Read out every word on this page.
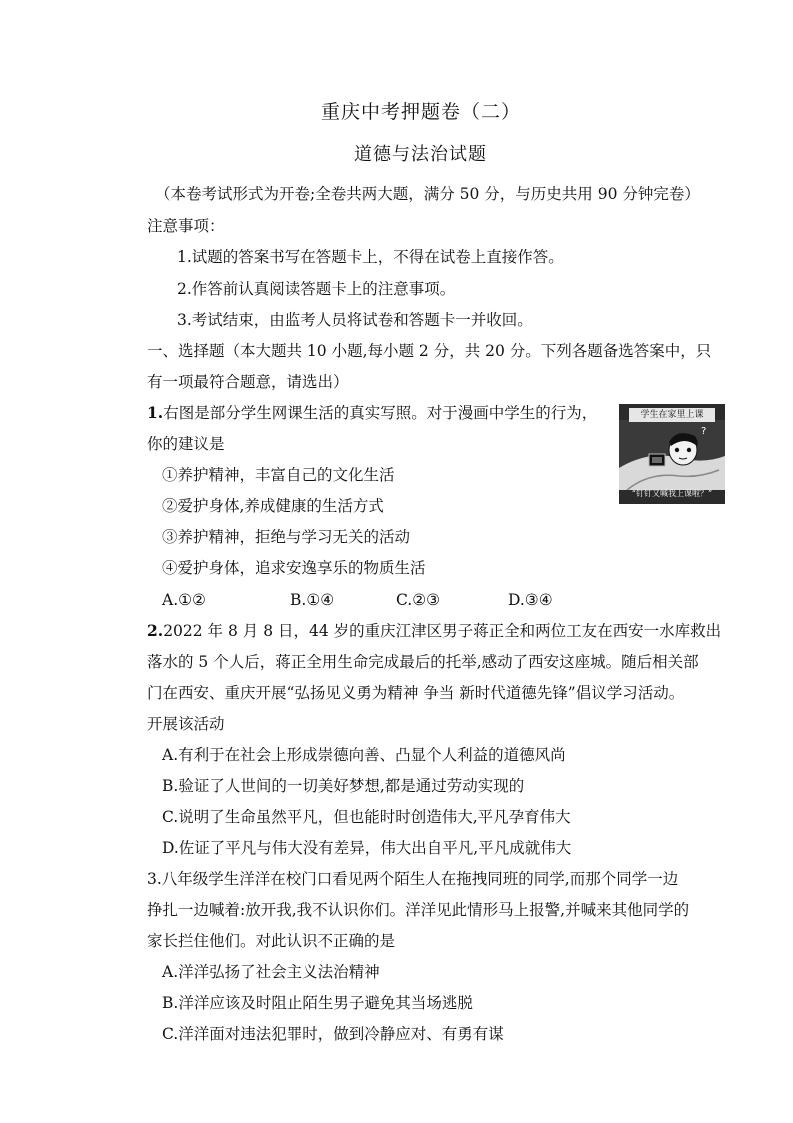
重庆中考押题卷（二）
道德与法治试题
（本卷考试形式为开卷;全卷共两大题，满分 50 分，与历史共用 90 分钟完卷）
注意事项：
1.试题的答案书写在答题卡上，不得在试卷上直接作答。
2.作答前认真阅读答题卡上的注意事项。
3.考试结束，由监考人员将试卷和答题卡一并收回。
一、选择题（本大题共 10 小题,每小题 2 分，共 20 分。下列各题备选答案中，只
有一项最符合题意，请选出）
1.右图是部分学生网课生活的真实写照。对于漫画中学生的行为，
你的建议是
①养护精神，丰富自己的文化生活
②爱护身体,养成健康的生活方式
③养护精神，拒绝与学习无关的活动
④爱护身体，追求安逸享乐的物质生活
A.①②	B.①④	C.②③	D.③④
?
学生在家里上课
“钉钉又喊我上课啦？”
2.2022 年 8 月 8 日，44 岁的重庆江津区男子蒋正全和两位工友在西安一水库救出
落水的 5 个人后，蒋正全用生命完成最后的托举,感动了西安这座城。随后相关部
门在西安、重庆开展“弘扬见义勇为精神 争当 新时代道德先锋”倡议学习活动。
开展该活动
A.有利于在社会上形成崇德向善、凸显个人利益的道德风尚
B.验证了人世间的一切美好梦想,都是通过劳动实现的
C.说明了生命虽然平凡，但也能时时创造伟大,平凡孕育伟大
D.佐证了平凡与伟大没有差异，伟大出自平凡,平凡成就伟大
3.八年级学生洋洋在校门口看见两个陌生人在拖拽同班的同学,而那个同学一边
挣扎一边喊着:放开我,我不认识你们。洋洋见此情形马上报警,并喊来其他同学的
家长拦住他们。对此认识不正确的是
A.洋洋弘扬了社会主义法治精神
B.洋洋应该及时阻止陌生男子避免其当场逃脱
C.洋洋面对违法犯罪时，做到冷静应对、有勇有谋
